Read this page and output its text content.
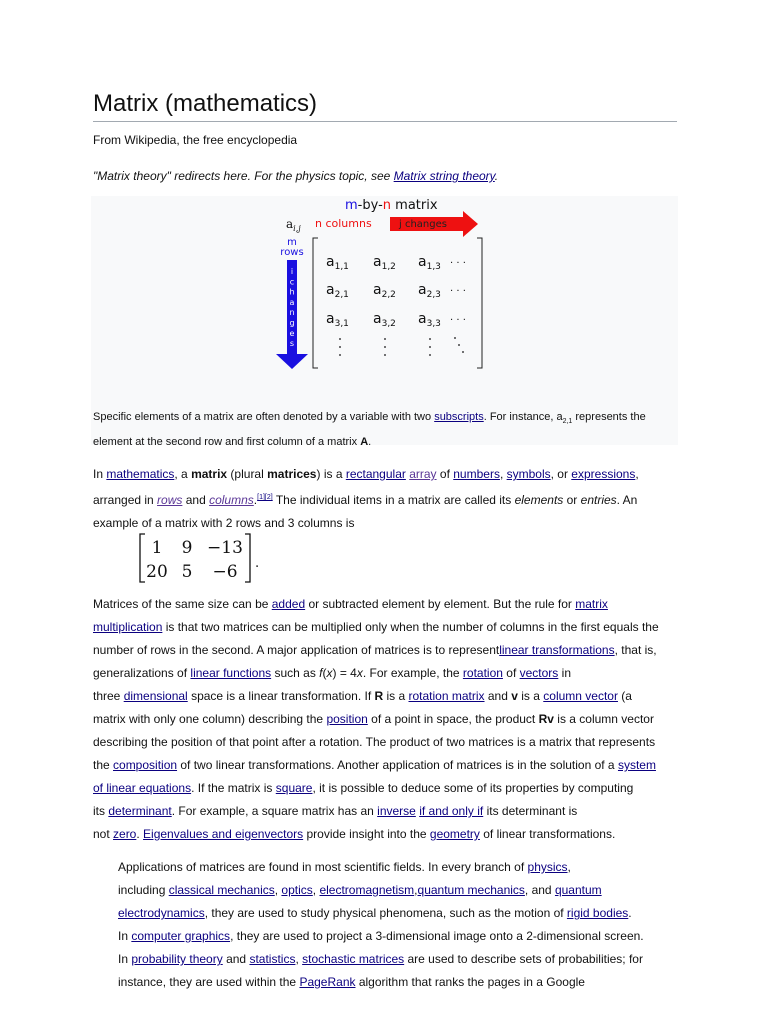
Matrix (mathematics)
From Wikipedia, the free encyclopedia
"Matrix theory" redirects here. For the physics topic, see Matrix string theory.
m-by-n matrix
$a_{i,j}$ n columns	j changes
m
rows
i
c
h
a
n
g
e
s
$a_{1,1}$ $a_{1,2}$ $a_{1,3}$ · · ·
$a_{2,1}$ $a_{2,2}$ $a_{2,3}$ · · ·
$a_{3,1}$ $a_{3,2}$ $a_{3,3}$ · · ·
Specific elements of a matrix are often denoted by a variable with two subscripts. For instance, $a_{2,1}$ represents the
element at the second row and first column of a matrix A.
In mathematics, a matrix (plural matrices) is a rectangular array of numbers, symbols, or expressions,
arranged in rows and columns.[1][2] The individual items in a matrix are called its elements or entries. An
example of a matrix with 2 rows and 3 columns is
1 9 −13
20 5 −6 .
Matrices of the same size can be added or subtracted element by element. But the rule for matrix
multiplication is that two matrices can be multiplied only when the number of columns in the first equals the
number of rows in the second. A major application of matrices is to representlinear transformations, that is,
generalizations of linear functions such as f(x) = 4x. For example, the rotation of vectors in
three dimensional space is a linear transformation. If R is a rotation matrix and v is a column vector (a
matrix with only one column) describing the position of a point in space, the product Rv is a column vector
describing the position of that point after a rotation. The product of two matrices is a matrix that represents
the composition of two linear transformations. Another application of matrices is in the solution of a system
of linear equations. If the matrix is square, it is possible to deduce some of its properties by computing
its determinant. For example, a square matrix has an inverse if and only if its determinant is
not zero. Eigenvalues and eigenvectors provide insight into the geometry of linear transformations.
Applications of matrices are found in most scientific fields. In every branch of physics,
including classical mechanics, optics, electromagnetism,quantum mechanics, and quantum
electrodynamics, they are used to study physical phenomena, such as the motion of rigid bodies.
In computer graphics, they are used to project a 3-dimensional image onto a 2-dimensional screen.
In probability theory and statistics, stochastic matrices are used to describe sets of probabilities; for
instance, they are used within the PageRank algorithm that ranks the pages in a Google
